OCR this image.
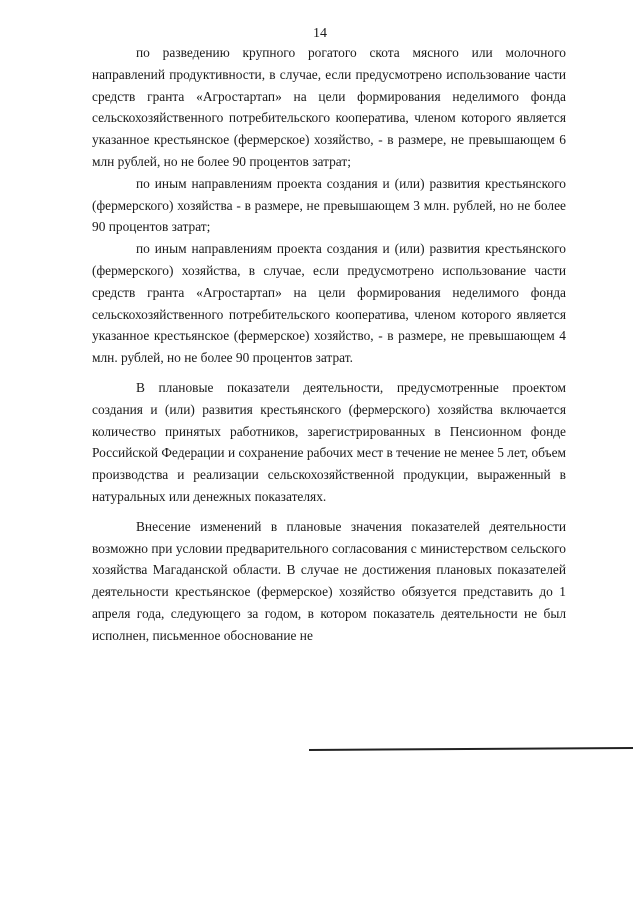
14

по разведению крупного рогатого скота мясного или молочного направлений продуктивности, в случае, если предусмотрено использование части средств гранта «Агростартап» на цели формирования неделимого фонда сельскохозяйственного потребительского кооператива, членом которого является указанное крестьянское (фермерское) хозяйство, - в размере, не превышающем 6 млн рублей, но не более 90 процентов затрат;

по иным направлениям проекта создания и (или) развития крестьянского (фермерского) хозяйства - в размере, не превышающем 3 млн. рублей, но не более 90 процентов затрат;

по иным направлениям проекта создания и (или) развития крестьянского (фермерского) хозяйства, в случае, если предусмотрено использование части средств гранта «Агростартап» на цели формирования неделимого фонда сельскохозяйственного потребительского кооператива, членом которого является указанное крестьянское (фермерское) хозяйство, - в размере, не превышающем 4 млн. рублей, но не более 90 процентов затрат.

В плановые показатели деятельности, предусмотренные проектом создания и (или) развития крестьянского (фермерского) хозяйства включается количество принятых работников, зарегистрированных в Пенсионном фонде Российской Федерации и сохранение рабочих мест в течение не менее 5 лет, объем производства и реализации сельскохозяйственной продукции, выраженный в натуральных или денежных показателях.

Внесение изменений в плановые значения показателей деятельности возможно при условии предварительного согласования с министерством сельского хозяйства Магаданской области. В случае не достижения плановых показателей деятельности крестьянское (фермерское) хозяйство обязуется представить до 1 апреля года, следующего за годом, в котором показатель деятельности не был исполнен, письменное обоснование не
